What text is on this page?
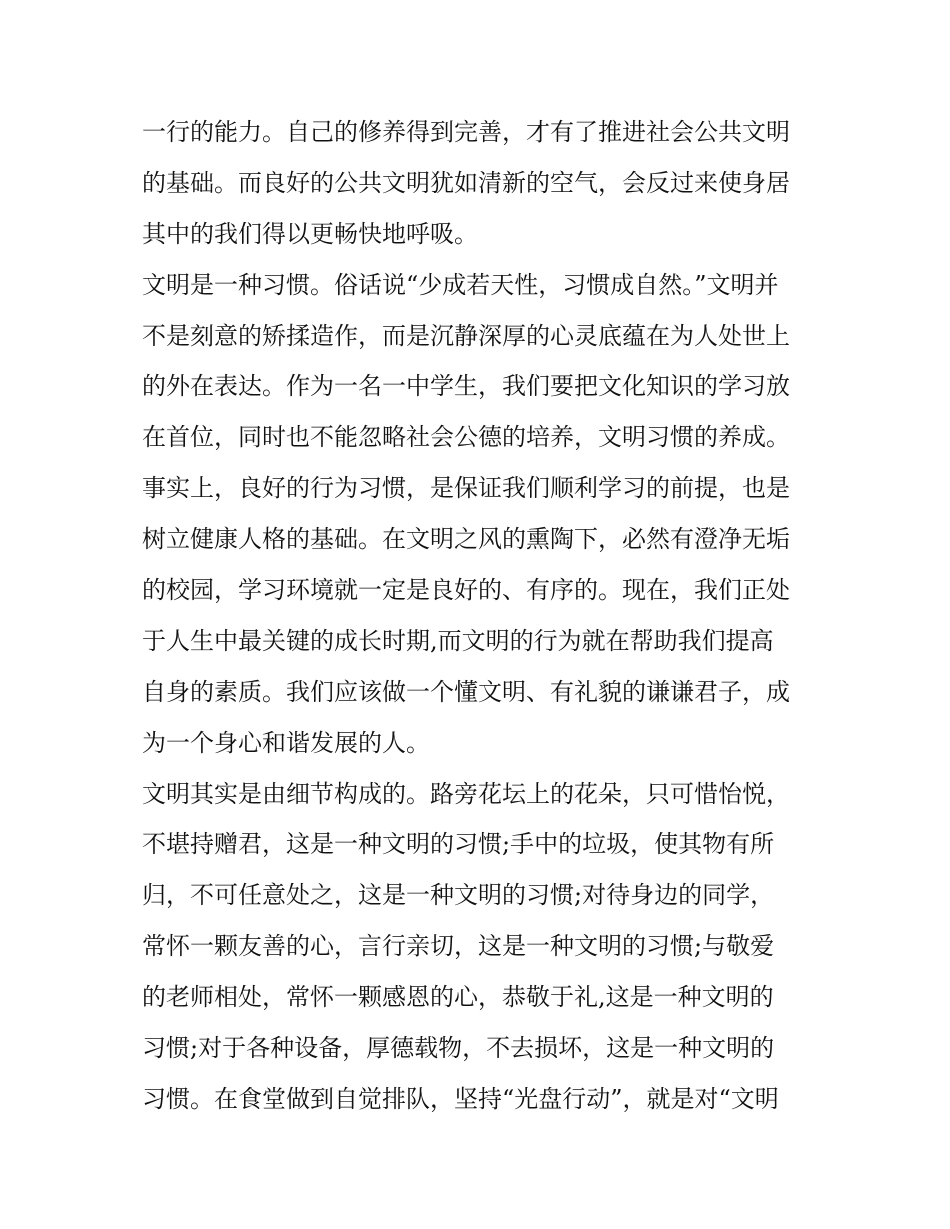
一行的能力。自己的修养得到完善，才有了推进社会公共文明
的基础。而良好的公共文明犹如清新的空气，会反过来使身居
其中的我们得以更畅快地呼吸。
文明是一种习惯。俗话说“少成若天性，习惯成自然。”文明并
不是刻意的矫揉造作，而是沉静深厚的心灵底蕴在为人处世上
的外在表达。作为一名一中学生，我们要把文化知识的学习放
在首位，同时也不能忽略社会公德的培养，文明习惯的养成。
事实上，良好的行为习惯，是保证我们顺利学习的前提，也是
树立健康人格的基础。在文明之风的熏陶下，必然有澄净无垢
的校园，学习环境就一定是良好的、有序的。现在，我们正处
于人生中最关键的成长时期,而文明的行为就在帮助我们提高
自身的素质。我们应该做一个懂文明、有礼貌的谦谦君子，成
为一个身心和谐发展的人。
文明其实是由细节构成的。路旁花坛上的花朵，只可惜怡悦，
不堪持赠君，这是一种文明的习惯;手中的垃圾，使其物有所
归，不可任意处之，这是一种文明的习惯;对待身边的同学，
常怀一颗友善的心，言行亲切，这是一种文明的习惯;与敬爱
的老师相处，常怀一颗感恩的心，恭敬于礼,这是一种文明的
习惯;对于各种设备，厚德载物，不去损坏，这是一种文明的
习惯。在食堂做到自觉排队，坚持“光盘行动”，就是对“文明
